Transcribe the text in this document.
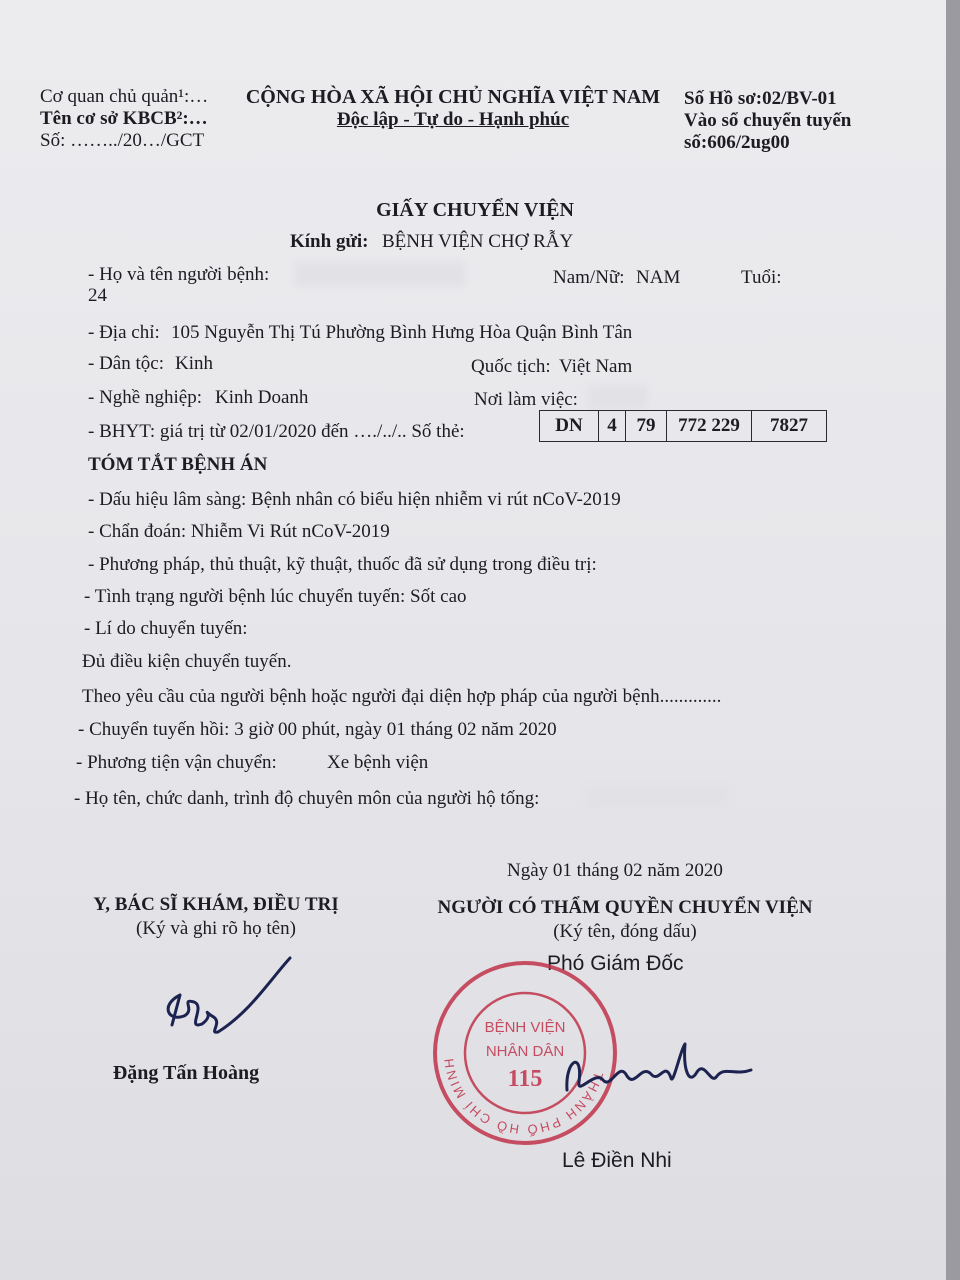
Cơ quan chủ quản¹:…
Tên cơ sở KBCB²:…
Số: ……../20…/GCT
CỘNG HÒA XÃ HỘI CHỦ NGHĨA VIỆT NAM
Độc lập - Tự do - Hạnh phúc
Số Hồ sơ:02/BV-01
Vào sổ chuyển tuyến
số:606/2ug00
GIẤY CHUYỂN VIỆN
Kính gửi: BỆNH VIỆN CHỢ RẪY
- Họ và tên người bệnh:	Nam/Nữ: NAM	Tuổi:
24
- Địa chỉ: 105 Nguyễn Thị Tú Phường Bình Hưng Hòa Quận Bình Tân
- Dân tộc: Kinh	Quốc tịch: Việt Nam
- Nghề nghiệp: Kinh Doanh	Nơi làm việc:
- BHYT: giá trị từ 02/01/2020 đến …./../.. Số thẻ:	DN	4	79	772 229	7827
TÓM TẮT BỆNH ÁN
- Dấu hiệu lâm sàng: Bệnh nhân có biểu hiện nhiễm vi rút nCoV-2019
- Chẩn đoán: Nhiễm Vi Rút nCoV-2019
- Phương pháp, thủ thuật, kỹ thuật, thuốc đã sử dụng trong điều trị:
- Tình trạng người bệnh lúc chuyển tuyến: Sốt cao
- Lí do chuyển tuyến:
Đủ điều kiện chuyển tuyến.
Theo yêu cầu của người bệnh hoặc người đại diện hợp pháp của người bệnh.............
- Chuyển tuyến hồi: 3 giờ 00 phút, ngày 01 tháng 02 năm 2020
- Phương tiện vận chuyển:	Xe bệnh viện
- Họ tên, chức danh, trình độ chuyên môn của người hộ tống:
Ngày 01 tháng 02 năm 2020
Y, BÁC SĨ KHÁM, ĐIỀU TRỊ
(Ký và ghi rõ họ tên)
Đặng Tấn Hoàng
NGƯỜI CÓ THẨM QUYỀN CHUYỂN VIỆN
(Ký tên, đóng dấu)
Phó Giám Đốc
THÀNH PHỐ HỒ CHÍ MINH
BỆNH VIỆN
NHÂN DÂN
115
Lê Điền Nhi
